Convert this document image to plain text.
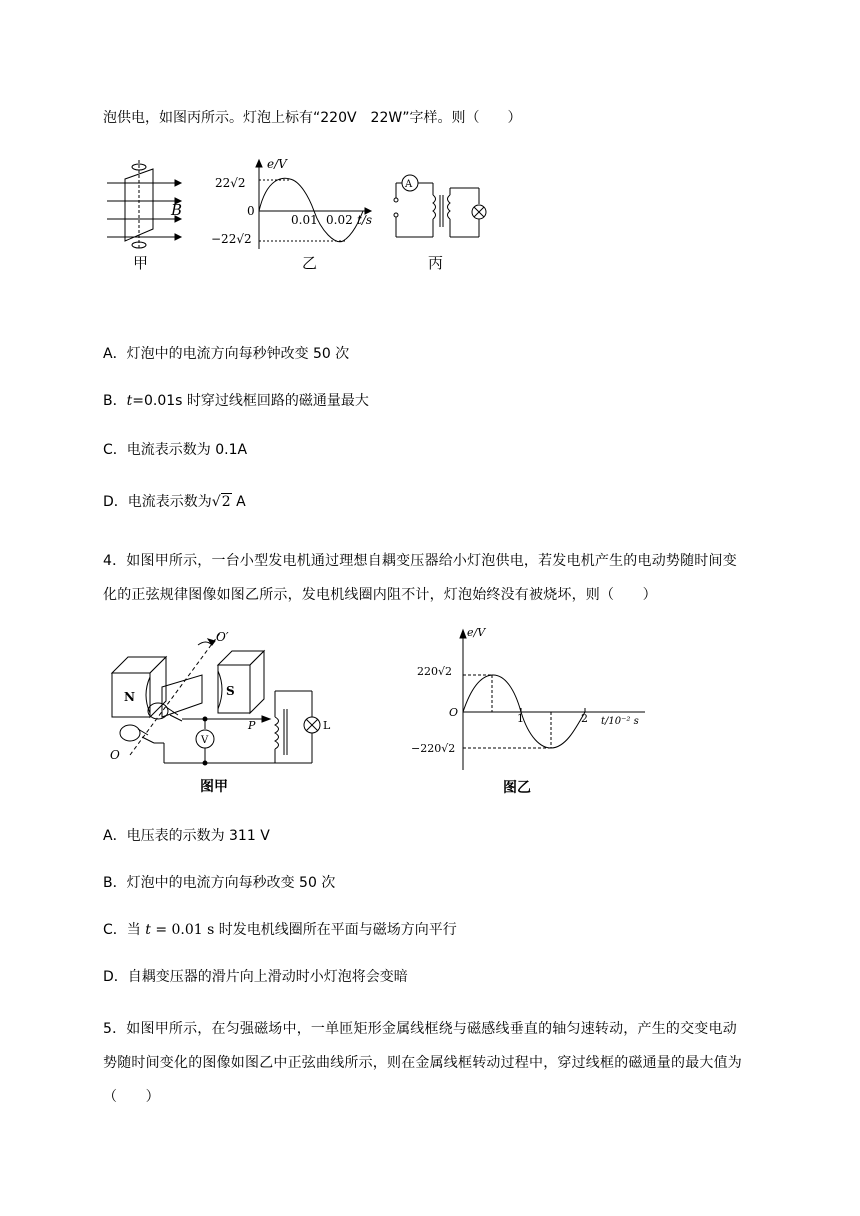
泡供电，如图丙所示。灯泡上标有“220V　22W”字样。则（　　）
B
甲
e/V
22√2
0
0.01 0.02 t/s
−22√2
乙
A
丙
A．灯泡中的电流方向每秒钟改变 50 次
B．t=0.01s 时穿过线框回路的磁通量最大
C．电流表示数为 0.1A
D．电流表示数为√2 A
4．如图甲所示，一台小型发电机通过理想自耦变压器给小灯泡供电，若发电机产生的电动势随时间变化的正弦规律图像如图乙所示，发电机线圈内阻不计，灯泡始终没有被烧坏，则（　　）
N	S
O′
O
V
P	L
图甲
e/V
220√2
O	1	2 t/10⁻² s
−220√2
图乙
A．电压表的示数为 311 V
B．灯泡中的电流方向每秒改变 50 次
C．当 t = 0.01 s 时发电机线圈所在平面与磁场方向平行
D．自耦变压器的滑片向上滑动时小灯泡将会变暗
5．如图甲所示，在匀强磁场中，一单匝矩形金属线框绕与磁感线垂直的轴匀速转动，产生的交变电动势随时间变化的图像如图乙中正弦曲线所示，则在金属线框转动过程中，穿过线框的磁通量的最大值为（　　）
